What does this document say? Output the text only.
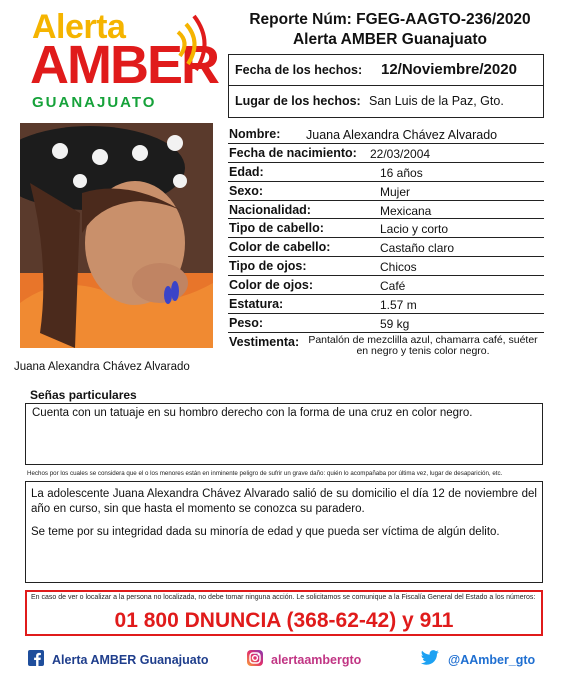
Alerta
AMBER
GUANAJUATO
Reporte Núm: FGEG-AAGTO-236/2020
Alerta AMBER Guanajuato
Fecha de los hechos: 12/Noviembre/2020
Lugar de los hechos: San Luis de la Paz, Gto.
Juana Alexandra Chávez Alvarado
Nombre: Juana Alexandra Chávez Alvarado
Fecha de nacimiento: 22/03/2004
Edad:	16 años
Sexo:	Mujer
Nacionalidad:	Mexicana
Tipo de cabello:	Lacio y corto
Color de cabello:	Castaño claro
Tipo de ojos:	Chicos
Color de ojos:	Café
Estatura:	1.57 m
Peso:	59 kg
Vestimenta: Pantalón de mezclilla azul, chamarra café, suéter en negro y tenis color negro.
Señas particulares
Cuenta con un tatuaje en su hombro derecho con la forma de una cruz en color negro.
Hechos por los cuales se considera que el o los menores están en inminente peligro de sufrir un grave daño: quién lo acompañaba por última vez, lugar de desaparición, etc.

La adolescente Juana Alexandra Chávez Alvarado salió de su domicilio el día 12 de noviembre del año en curso, sin que hasta el momento se conozca su paradero.

Se teme por su integridad dada su minoría de edad y que pueda ser víctima de algún delito.

En caso de ver o localizar a la persona no localizada, no debe tomar ninguna acción. Le solicitamos se comunique a la Fiscalía General del Estado a los números:
01 800 DNUNCIA (368-62-42) y 911
Alerta AMBER Guanajuato	alertaambergto	@AAmber_gto
